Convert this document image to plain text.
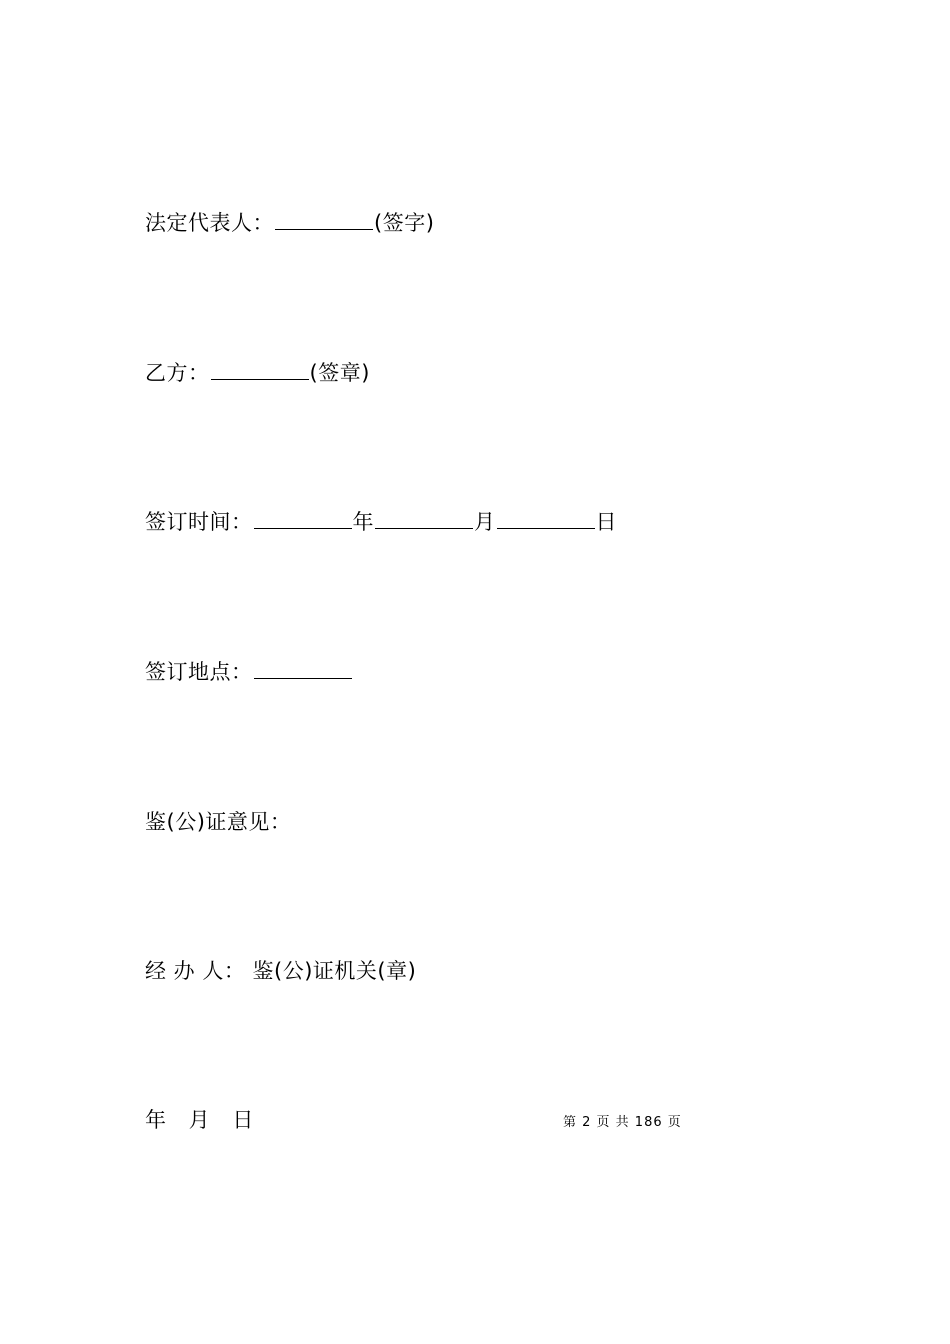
法定代表人：	(签字)
乙方：	(签章)
签订时间：	年	月	日
签订地点：
鉴(公)证意见：
经 办 人： 鉴(公)证机关(章)
年 月 日	第 2 页 共 186 页
